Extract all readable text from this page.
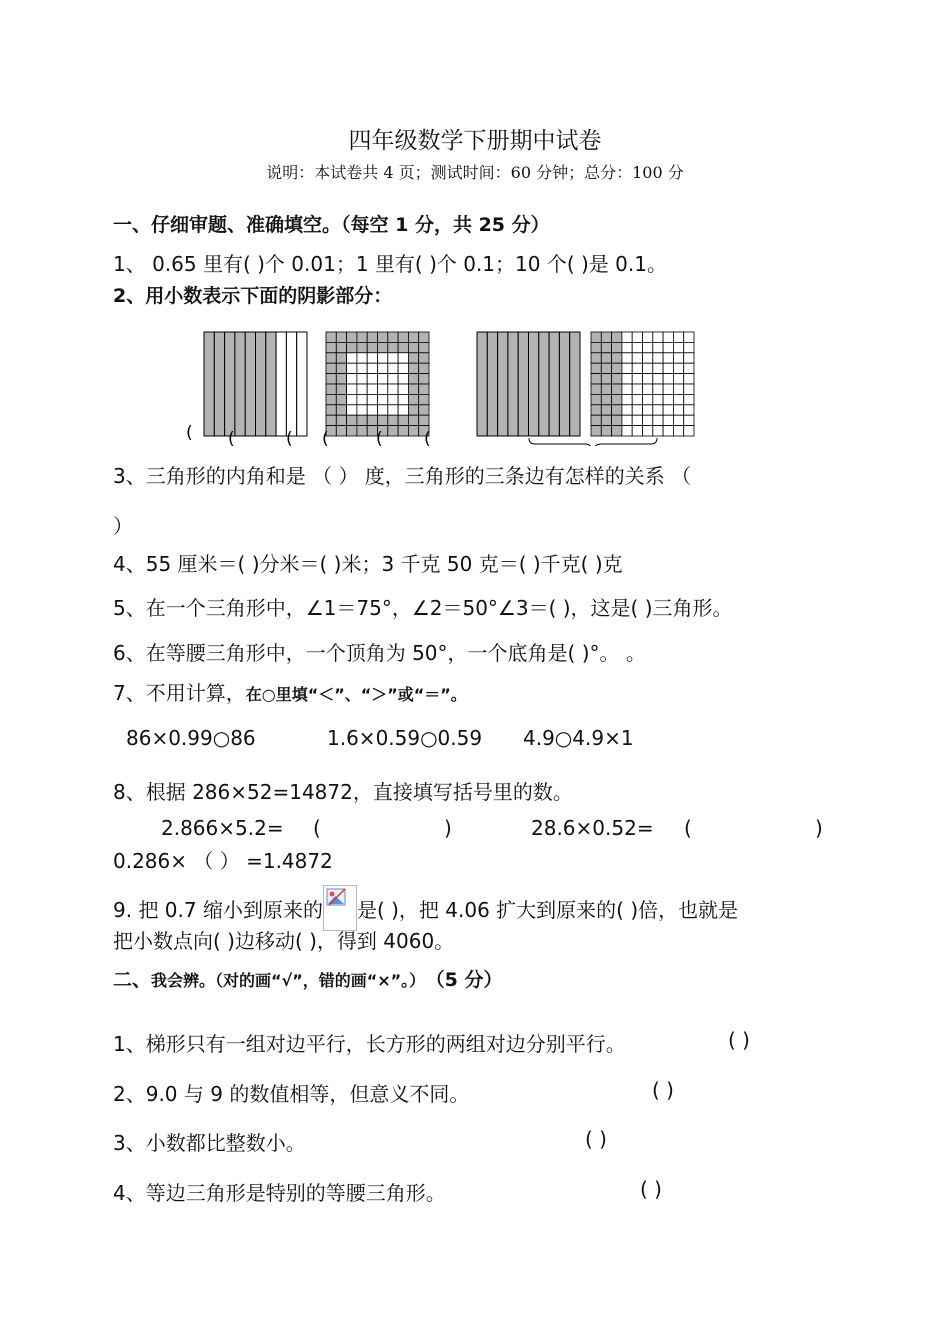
四年级数学下册期中试卷
说明：本试卷共 4 页；测试时间：60 分钟；总分：100 分
一、仔细审题、准确填空。（每空 1 分，共 25 分）
1、 0.65 里有( )个 0.01；1 里有( )个 0.1；10 个( )是 0.1。
2、用小数表示下面的阴影部分：
( (	( (	( (
3、三角形的内角和是 （ ） 度，三角形的三条边有怎样的关系 （
）
4、55 厘米＝( )分米＝( )米；3 千克 50 克＝( )千克( )克
5、在一个三角形中，∠1＝75°，∠2＝50°∠3＝( )，这是( )三角形。
6、在等腰三角形中，一个顶角为 50°，一个底角是( )°。 。
7、不用计算，在○里填“＜”、“＞”或“＝”。
86×0.99○86	1.6×0.59○0.59 4.9○4.9×1
8、根据 286×52=14872，直接填写括号里的数。
2.866×5.2= (	)	28.6×0.52= (	)
0.286× （ ） =1.4872
9. 把 0.7 缩小到原来的 是( )，把 4.06 扩大到原来的( )倍，也就是
把小数点向( )边移动( )，得到 4060。
二、我会辨。（对的画“√”，错的画“×”。） （5 分）
1、梯形只有一组对边平行，长方形的两组对边分别平行。	( )
2、9.0 与 9 的数值相等，但意义不同。	( )
3、小数都比整数小。	( )
4、等边三角形是特别的等腰三角形。	( )
